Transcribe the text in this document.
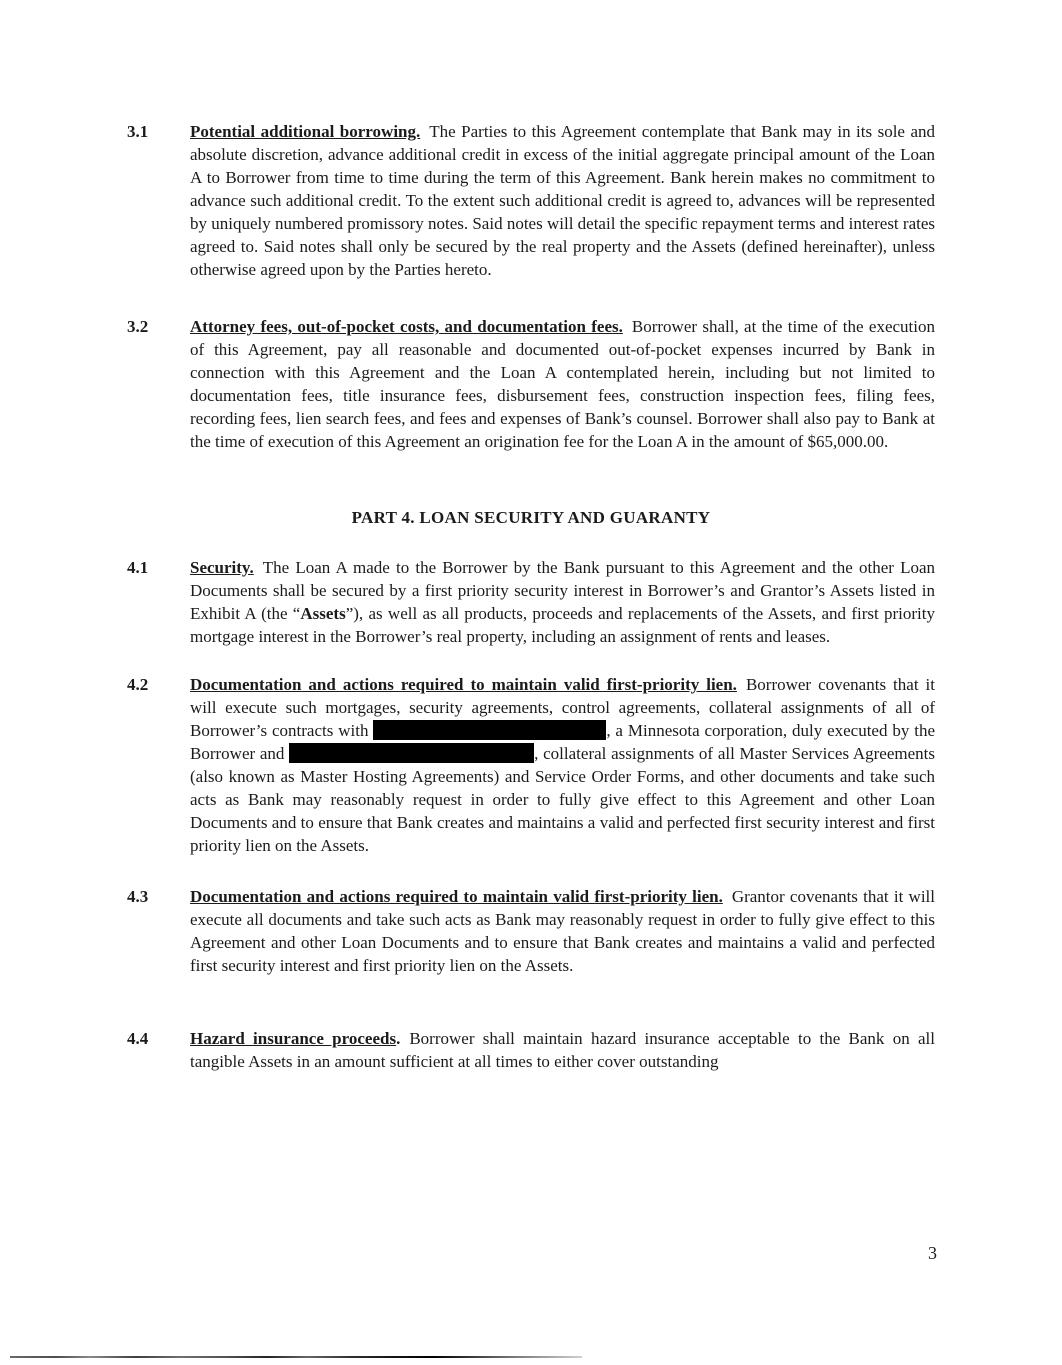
3.1	Potential additional borrowing. The Parties to this Agreement contemplate that Bank may in its sole and absolute discretion, advance additional credit in excess of the initial aggregate principal amount of the Loan A to Borrower from time to time during the term of this Agreement. Bank herein makes no commitment to advance such additional credit. To the extent such additional credit is agreed to, advances will be represented by uniquely numbered promissory notes. Said notes will detail the specific repayment terms and interest rates agreed to. Said notes shall only be secured by the real property and the Assets (defined hereinafter), unless otherwise agreed upon by the Parties hereto.
3.2	Attorney fees, out-of-pocket costs, and documentation fees. Borrower shall, at the time of the execution of this Agreement, pay all reasonable and documented out-of-pocket expenses incurred by Bank in connection with this Agreement and the Loan A contemplated herein, including but not limited to documentation fees, title insurance fees, disbursement fees, construction inspection fees, filing fees, recording fees, lien search fees, and fees and expenses of Bank’s counsel. Borrower shall also pay to Bank at the time of execution of this Agreement an origination fee for the Loan A in the amount of $65,000.00.
PART 4. LOAN SECURITY AND GUARANTY
4.1	Security. The Loan A made to the Borrower by the Bank pursuant to this Agreement and the other Loan Documents shall be secured by a first priority security interest in Borrower’s and Grantor’s Assets listed in Exhibit A (the “Assets”), as well as all products, proceeds and replacements of the Assets, and first priority mortgage interest in the Borrower’s real property, including an assignment of rents and leases.
4.2	Documentation and actions required to maintain valid first-priority lien. Borrower covenants that it will execute such mortgages, security agreements, control agreements, collateral assignments of all of Borrower’s contracts with	, a Minnesota corporation, duly executed by the Borrower and	, collateral assignments of all Master Services Agreements (also known as Master Hosting Agreements) and Service Order Forms, and other documents and take such acts as Bank may reasonably request in order to fully give effect to this Agreement and other Loan Documents and to ensure that Bank creates and maintains a valid and perfected first security interest and first priority lien on the Assets.
4.3	Documentation and actions required to maintain valid first-priority lien. Grantor covenants that it will execute all documents and take such acts as Bank may reasonably request in order to fully give effect to this Agreement and other Loan Documents and to ensure that Bank creates and maintains a valid and perfected first security interest and first priority lien on the Assets.
4.4	Hazard insurance proceeds. Borrower shall maintain hazard insurance acceptable to the Bank on all tangible Assets in an amount sufficient at all times to either cover outstanding
3
